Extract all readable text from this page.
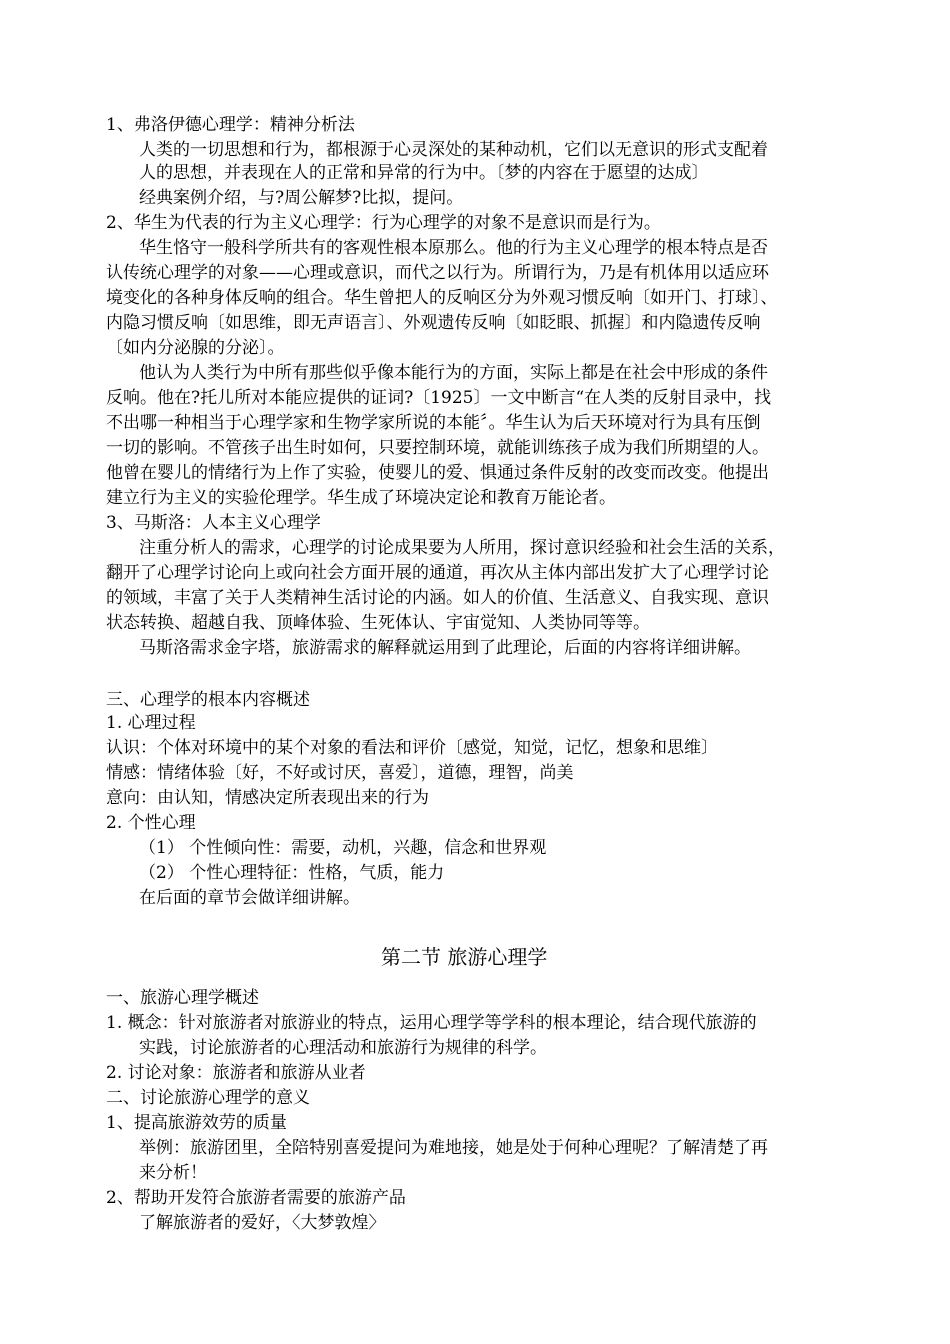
1、弗洛伊德心理学：精神分析法
人类的一切思想和行为，都根源于心灵深处的某种动机，它们以无意识的形式支配着
人的思想，并表现在人的正常和异常的行为中。〔梦的内容在于愿望的达成〕
经典案例介绍，与?周公解梦?比拟，提问。
2、华生为代表的行为主义心理学：行为心理学的对象不是意识而是行为。
华生恪守一般科学所共有的客观性根本原那么。他的行为主义心理学的根本特点是否
认传统心理学的对象——心理或意识，而代之以行为。所谓行为，乃是有机体用以适应环
境变化的各种身体反响的组合。华生曾把人的反响区分为外观习惯反响〔如开门、打球〕、
内隐习惯反响〔如思维，即无声语言〕、外观遗传反响〔如眨眼、抓握〕和内隐遗传反响
〔如内分泌腺的分泌〕。
他认为人类行为中所有那些似乎像本能行为的方面，实际上都是在社会中形成的条件
反响。他在?托儿所对本能应提供的证词?〔1925〕一文中断言“在人类的反射目录中，找
不出哪一种相当于心理学家和生物学家所说的本能〞。华生认为后天环境对行为具有压倒
一切的影响。不管孩子出生时如何，只要控制环境，就能训练孩子成为我们所期望的人。
他曾在婴儿的情绪行为上作了实验，使婴儿的爱、惧通过条件反射的改变而改变。他提出
建立行为主义的实验伦理学。华生成了环境决定论和教育万能论者。
3、马斯洛：人本主义心理学
注重分析人的需求，心理学的讨论成果要为人所用，探讨意识经验和社会生活的关系，
翻开了心理学讨论向上或向社会方面开展的通道，再次从主体内部出发扩大了心理学讨论
的领域，丰富了关于人类精神生活讨论的内涵。如人的价值、生活意义、自我实现、意识
状态转换、超越自我、顶峰体验、生死体认、宇宙觉知、人类协同等等。
马斯洛需求金字塔，旅游需求的解释就运用到了此理论，后面的内容将详细讲解。
三、心理学的根本内容概述
1. 心理过程
认识：个体对环境中的某个对象的看法和评价〔感觉，知觉，记忆，想象和思维〕
情感：情绪体验〔好，不好或讨厌，喜爱〕，道德，理智，尚美
意向：由认知，情感决定所表现出来的行为
2. 个性心理
（1） 个性倾向性：需要，动机，兴趣，信念和世界观
（2） 个性心理特征：性格，气质，能力
在后面的章节会做详细讲解。
第二节 旅游心理学
一、旅游心理学概述
1. 概念：针对旅游者对旅游业的特点，运用心理学等学科的根本理论，结合现代旅游的
实践，讨论旅游者的心理活动和旅游行为规律的科学。
2. 讨论对象：旅游者和旅游从业者
二、讨论旅游心理学的意义
1、提高旅游效劳的质量
举例：旅游团里，全陪特别喜爱提问为难地接，她是处于何种心理呢？了解清楚了再
来分析！
2、帮助开发符合旅游者需要的旅游产品
了解旅游者的爱好，〈大梦敦煌〉
